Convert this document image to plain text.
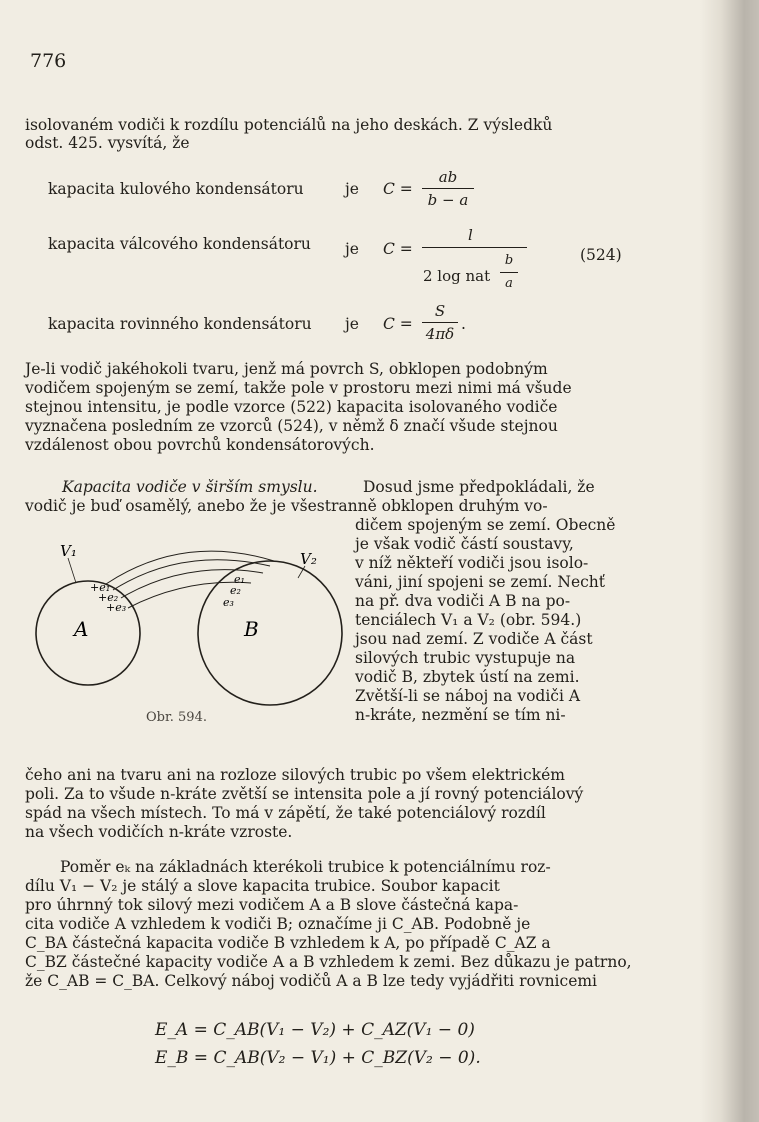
776
isolovaném vodiči k rozdílu potenciálů na jeho deskách. Z výsledků
odst. 425. vysvítá, že
kapacita kulového kondensátoru	je C =
ab
b − a
kapacita válcového kondensátoru je C =
l
2 log nat
b
a
(524)
kapacita rovinného kondensátoru je C =
S
4πδ
.
Je-li vodič jakéhokoli tvaru, jenž má povrch S, obklopen podobným
vodičem spojeným se zemí, takže pole v prostoru mezi nimi má všude
stejnou intensitu, je podle vzorce (522) kapacita isolovaného vodiče
vyznačena posledním ze vzorců (524), v němž δ značí všude stejnou
vzdálenost obou povrchů kondensátorových.
Kapacita vodiče v širším smyslu.	Dosud jsme předpokládali, že
vodič je buď osamělý, anebo že je všestranně obklopen druhým vo-
dičem spojeným se zemí. Obecně
je však vodič částí soustavy,
v níž někteří vodiči jsou isolo-
váni, jiní spojeni se zemí. Nechť
na př. dva vodiči A B na po-
tenciálech V₁ a V₂ (obr. 594.)
jsou nad zemí. Z vodiče A část
silových trubic vystupuje na
vodič B, zbytek ústí na zemi.
Zvětší-li se náboj na vodiči A
n-kráte, nezmění se tím ni-
V₁	V₂
+e₁
+e₂
+e₃
e₁
e₂
e₃
A	B
Obr. 594.
čeho ani na tvaru ani na rozloze silových trubic po všem elektrickém
poli. Za to všude n-kráte zvětší se intensita pole a jí rovný potenciálový
spád na všech místech. To má v zápětí, že také potenciálový rozdíl
na všech vodičích n-kráte vzroste.
Poměr eₖ na základnách kterékoli trubice k potenciálnímu roz-
dílu V₁ − V₂ je stálý a slove kapacita trubice. Soubor kapacit
pro úhrnný tok silový mezi vodičem A a B slove částečná kapa-
cita vodiče A vzhledem k vodiči B; označíme ji C_AB. Podobně je
C_BA částečná kapacita vodiče B vzhledem k A, po případě C_AZ a
C_BZ částečné kapacity vodiče A a B vzhledem k zemi. Bez důkazu je patrno,
že C_AB = C_BA. Celkový náboj vodičů A a B lze tedy vyjádřiti rovnicemi
E_A = C_AB(V₁ − V₂) + C_AZ(V₁ − 0)
E_B = C_AB(V₂ − V₁) + C_BZ(V₂ − 0).
